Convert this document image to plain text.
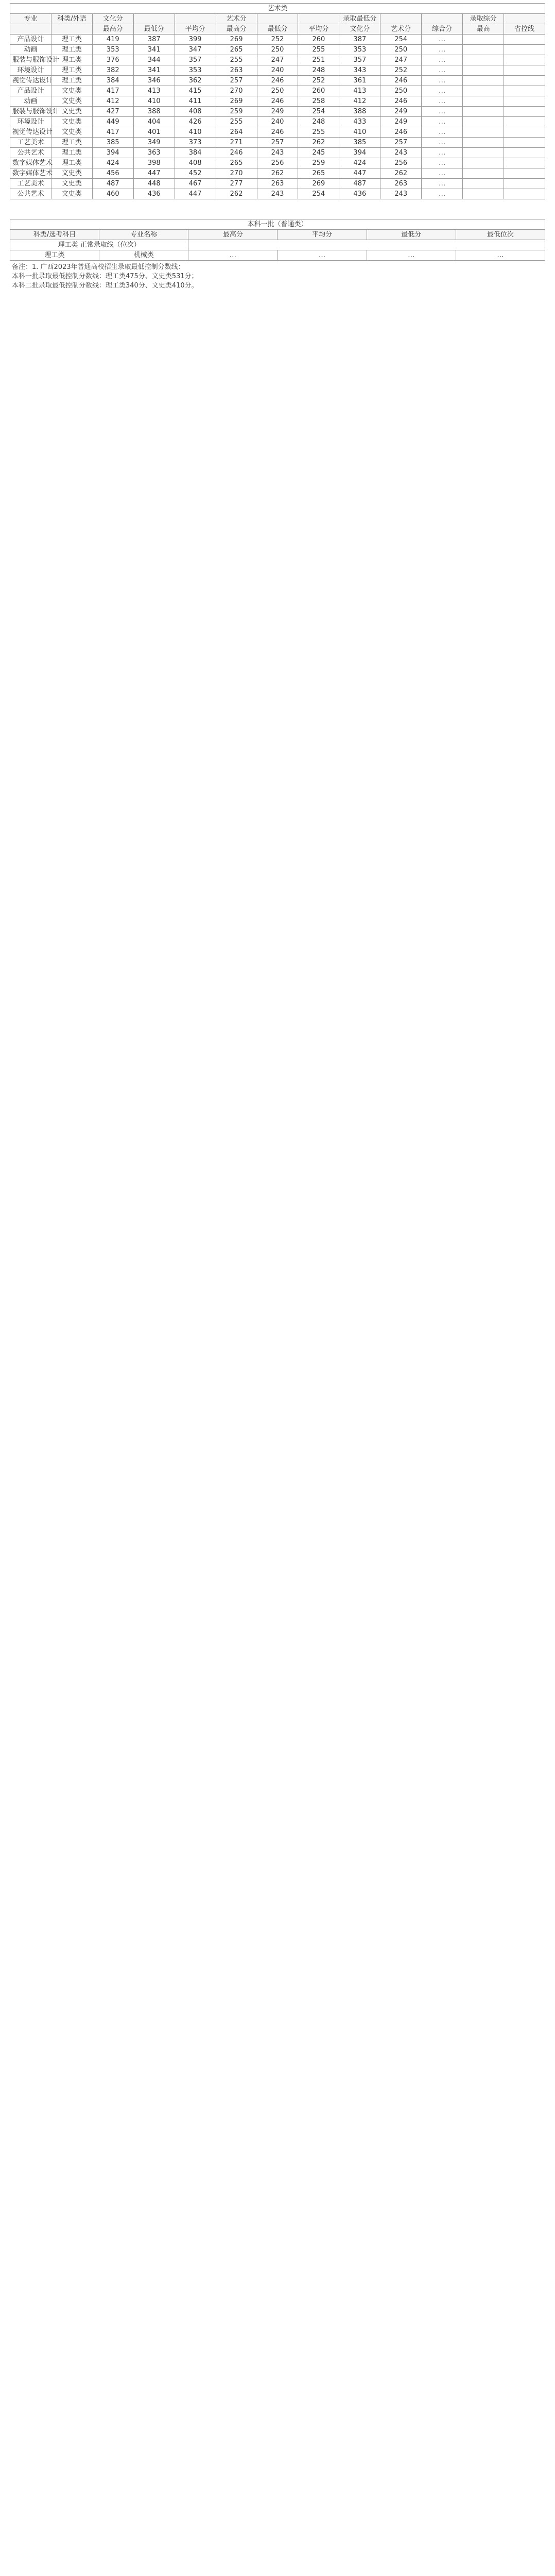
艺术类												
专业	科类/外语	文化分			艺术分			录取最低分			录取综分	
		最高分	最低分	平均分	最高分	最低分	平均分	文化分	艺术分	综合分	最高	省控线
产品设计	理工类	419	387	399	269	252	260	387	254	…		
动画	理工类	353	341	347	265	250	255	353	250	…		
服装与服饰设计	理工类	376	344	357	255	247	251	357	247	…		
环境设计	理工类	382	341	353	263	240	248	343	252	…		
视觉传达设计	理工类	384	346	362	257	246	252	361	246	…		
产品设计	文史类	417	413	415	270	250	260	413	250	…		
动画	文史类	412	410	411	269	246	258	412	246	…		
服装与服饰设计	文史类	427	388	408	259	249	254	388	249	…		
环境设计	文史类	449	404	426	255	240	248	433	249	…		
视觉传达设计	文史类	417	401	410	264	246	255	410	246	…		
工艺美术	理工类	385	349	373	271	257	262	385	257	…		
公共艺术	理工类	394	363	384	246	243	245	394	243	…		
数字媒体艺术	理工类	424	398	408	265	256	259	424	256	…		
数字媒体艺术	文史类	456	447	452	270	262	265	447	262	…		
工艺美术	文史类	487	448	467	277	263	269	487	263	…		
公共艺术	文史类	460	436	447	262	243	254	436	243	…		
本科一批（普通类）					
科类/选考科目	专业名称	最高分	平均分	最低分	最低位次
理工类 正常录取线（位次）					
理工类	机械类	…	…	…	…
备注：1. 广西2023年普通高校招生录取最低控制分数线：
本科一批录取最低控制分数线：理工类475分、文史类531分；
本科二批录取最低控制分数线：理工类340分、文史类410分。
